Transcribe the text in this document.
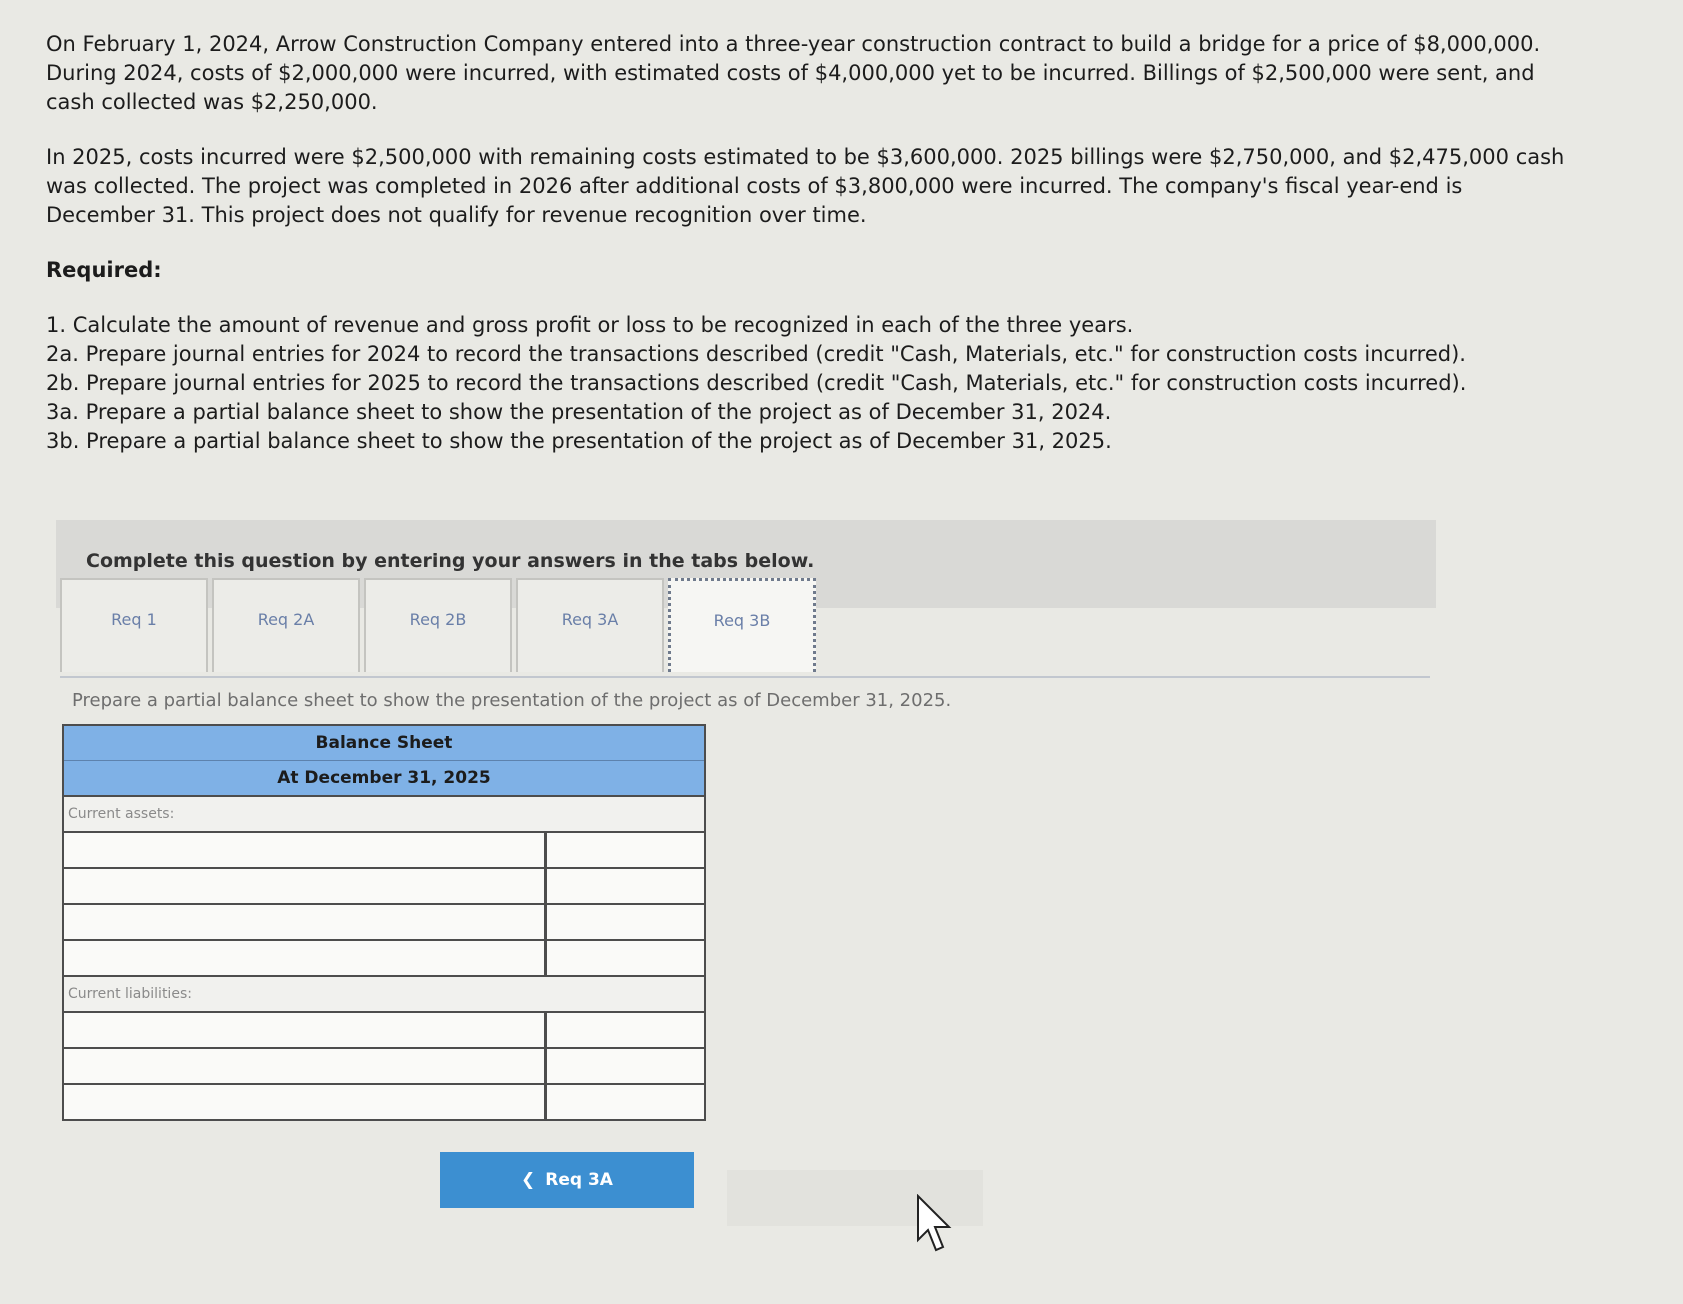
On February 1, 2024, Arrow Construction Company entered into a three-year construction contract to build a bridge for a price of $8,000,000. During 2024, costs of $2,000,000 were incurred, with estimated costs of $4,000,000 yet to be incurred. Billings of $2,500,000 were sent, and cash collected was $2,250,000.

In 2025, costs incurred were $2,500,000 with remaining costs estimated to be $3,600,000. 2025 billings were $2,750,000, and $2,475,000 cash was collected. The project was completed in 2026 after additional costs of $3,800,000 were incurred. The company's fiscal year-end is December 31. This project does not qualify for revenue recognition over time.

Required:

1. Calculate the amount of revenue and gross profit or loss to be recognized in each of the three years.
2a. Prepare journal entries for 2024 to record the transactions described (credit "Cash, Materials, etc." for construction costs incurred).
2b. Prepare journal entries for 2025 to record the transactions described (credit "Cash, Materials, etc." for construction costs incurred).
3a. Prepare a partial balance sheet to show the presentation of the project as of December 31, 2024.
3b. Prepare a partial balance sheet to show the presentation of the project as of December 31, 2025.
Complete this question by entering your answers in the tabs below.
Req 1	Req 2A	Req 2B	Req 3A	Req 3B
Prepare a partial balance sheet to show the presentation of the project as of December 31, 2025.
Balance Sheet
At December 31, 2025
Current assets:
Current liabilities:
❮ Req 3A
